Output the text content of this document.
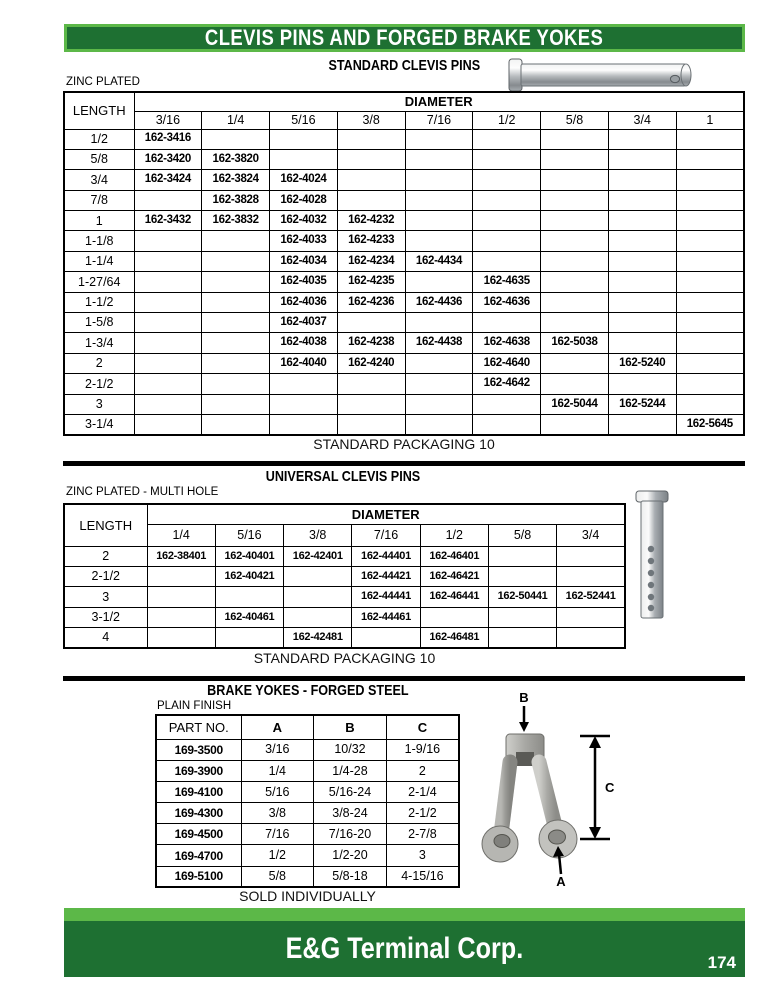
CLEVIS PINS AND FORGED BRAKE YOKES
STANDARD CLEVIS PINS
ZINC PLATED
LENGTH	DIAMETER								
	3/16	1/4	5/16	3/8	7/16	1/2	5/8	3/4	1
1/2	162-3416								
5/8	162-3420	162-3820							
3/4	162-3424	162-3824	162-4024						
7/8		162-3828	162-4028						
1	162-3432	162-3832	162-4032	162-4232					
1-1/8			162-4033	162-4233					
1-1/4			162-4034	162-4234	162-4434				
1-27/64			162-4035	162-4235		162-4635			
1-1/2			162-4036	162-4236	162-4436	162-4636			
1-5/8			162-4037						
1-3/4			162-4038	162-4238	162-4438	162-4638	162-5038		
2			162-4040	162-4240		162-4640		162-5240	
2-1/2						162-4642			
3							162-5044	162-5244	
3-1/4									162-5645
STANDARD PACKAGING 10
UNIVERSAL CLEVIS PINS
ZINC PLATED - MULTI HOLE
LENGTH	DIAMETER						
	1/4	5/16	3/8	7/16	1/2	5/8	3/4
2	162-38401	162-40401	162-42401	162-44401	162-46401		
2-1/2		162-40421		162-44421	162-46421		
3				162-44441	162-46441	162-50441	162-52441
3-1/2		162-40461		162-44461			
4			162-42481		162-46481		
STANDARD PACKAGING 10
BRAKE YOKES - FORGED STEEL
PLAIN FINISH
PART NO.	A	B	C
169-3500	3/16	10/32	1-9/16
169-3900	1/4	1/4-28	2
169-4100	5/16	5/16-24	2-1/4
169-4300	3/8	3/8-24	2-1/2
169-4500	7/16	7/16-20	2-7/8
169-4700	1/2	1/2-20	3
169-5100	5/8	5/8-18	4-15/16
B
C
A
SOLD INDIVIDUALLY
E&G Terminal Corp.	174
